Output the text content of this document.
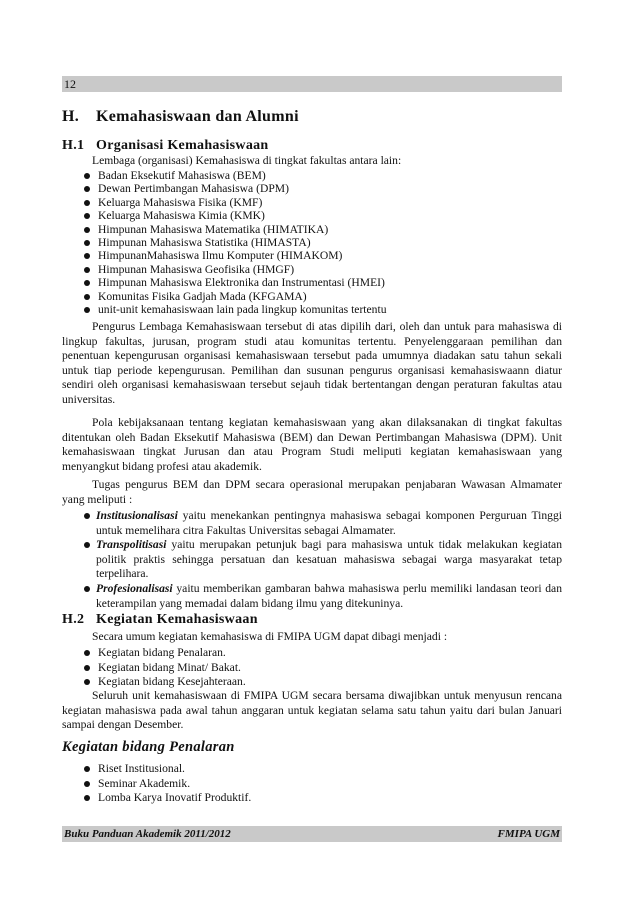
12
H. Kemahasiswaan dan Alumni
H.1 Organisasi Kemahasiswaan
Lembaga (organisasi) Kemahasiswa di tingkat fakultas antara lain:
Badan Eksekutif Mahasiswa (BEM)
Dewan Pertimbangan Mahasiswa (DPM)
Keluarga Mahasiswa Fisika (KMF)
Keluarga Mahasiswa Kimia (KMK)
Himpunan Mahasiswa Matematika (HIMATIKA)
Himpunan Mahasiswa Statistika (HIMASTA)
HimpunanMahasiswa Ilmu Komputer (HIMAKOM)
Himpunan Mahasiswa Geofisika (HMGF)
Himpunan Mahasiswa Elektronika dan Instrumentasi (HMEI)
Komunitas Fisika Gadjah Mada (KFGAMA)
unit-unit kemahasiswaan lain pada lingkup komunitas tertentu

Pengurus Lembaga Kemahasiswaan tersebut di atas dipilih dari, oleh dan untuk para mahasiswa di lingkup fakultas, jurusan, program studi atau komunitas tertentu. Penyelenggaraan pemilihan dan penentuan kepengurusan organisasi kemahasiswaan tersebut pada umumnya diadakan satu tahun sekali untuk tiap periode kepengurusan. Pemilihan dan susunan pengurus organisasi kemahasiswaann diatur sendiri oleh organisasi kemahasiswaan tersebut sejauh tidak bertentangan dengan peraturan fakultas atau universitas.

Pola kebijaksanaan tentang kegiatan kemahasiswaan yang akan dilaksanakan di tingkat fakultas ditentukan oleh Badan Eksekutif Mahasiswa (BEM) dan Dewan Pertimbangan Mahasiswa (DPM). Unit kemahasiswaan tingkat Jurusan dan atau Program Studi meliputi kegiatan kemahasiswaan yang menyangkut bidang profesi atau akademik.

Tugas pengurus BEM dan DPM secara operasional merupakan penjabaran Wawasan Almamater yang meliputi :

Institusionalisasi yaitu menekankan pentingnya mahasiswa sebagai komponen Perguruan Tinggi untuk memelihara citra Fakultas Universitas sebagai Almamater.
Transpolitisasi yaitu merupakan petunjuk bagi para mahasiswa untuk tidak melakukan kegiatan politik praktis sehingga persatuan dan kesatuan mahasiswa sebagai warga masyarakat tetap terpelihara.
Profesionalisasi yaitu memberikan gambaran bahwa mahasiswa perlu memiliki landasan teori dan keterampilan yang memadai dalam bidang ilmu yang ditekuninya.
H.2 Kegiatan Kemahasiswaan
Secara umum kegiatan kemahasiswa di FMIPA UGM dapat dibagi menjadi :
Kegiatan bidang Penalaran.
Kegiatan bidang Minat/ Bakat.
Kegiatan bidang Kesejahteraan.

Seluruh unit kemahasiswaan di FMIPA UGM secara bersama diwajibkan untuk menyusun rencana kegiatan mahasiswa pada awal tahun anggaran untuk kegiatan selama satu tahun yaitu dari bulan Januari sampai dengan Desember.

Kegiatan bidang Penalaran
Riset Institusional.
Seminar Akademik.
Lomba Karya Inovatif Produktif.
Buku Panduan Akademik 2011/2012	FMIPA UGM
